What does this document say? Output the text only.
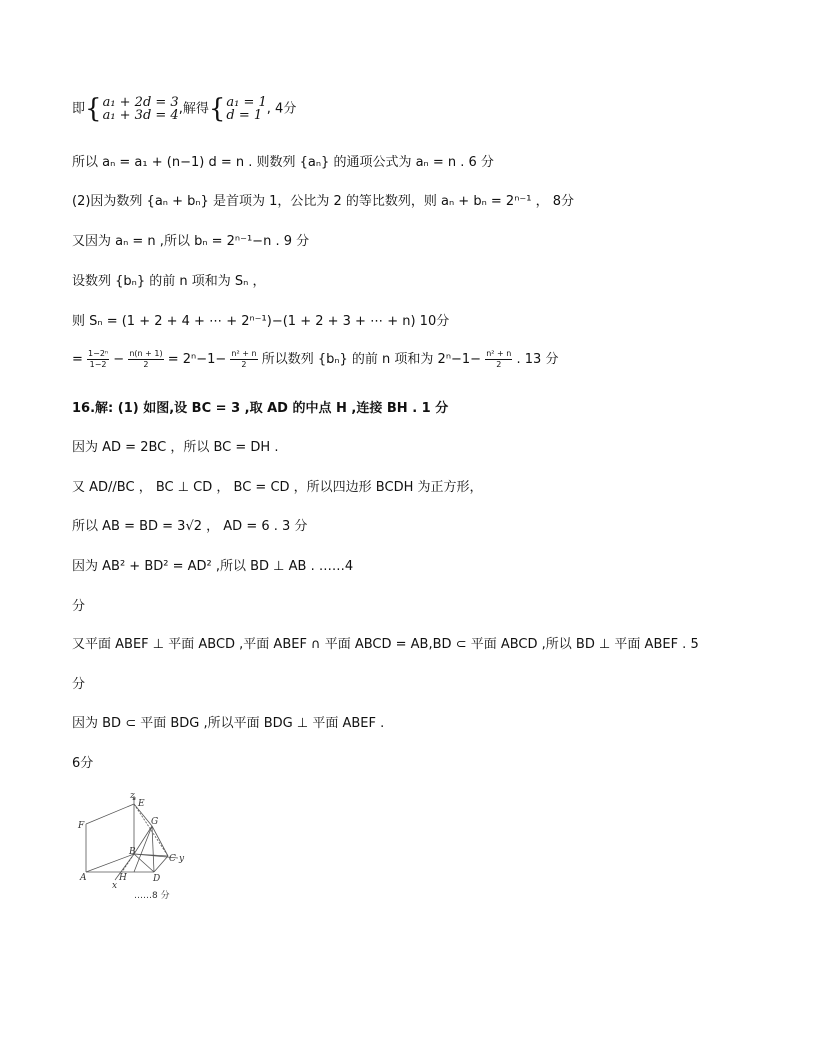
即{ a₁ + 2d = 3
a₁ + 3d = 4 ,解得{ a₁ = 1
d = 1 , 4分
所以 aₙ = a₁ + (n−1) d = n . 则数列 {aₙ} 的通项公式为 aₙ = n . 6 分
(2)因为数列 {aₙ + bₙ} 是首项为 1，公比为 2 的等比数列，则 aₙ + bₙ = 2ⁿ⁻¹ ， 8分
又因为 aₙ = n ,所以 bₙ = 2ⁿ⁻¹−n . 9 分
设数列 {bₙ} 的前 n 项和为 Sₙ ，
则 Sₙ = (1 + 2 + 4 + ⋯ + 2ⁿ⁻¹)−(1 + 2 + 3 + ⋯ + n) 10分
= $\frac{\text{1−2ⁿ}}{1-2} - \frac{n(n + 1)}{2} = 2^n-1- \frac{\text{n² + n}}{2}$ 所以数列 {bₙ} 的前 n 项和为 $2^n-1- \frac{\text{n² + n}}{2}$ . 13 分
16.解: (1) 如图,设 BC = 3 ,取 AD 的中点 H ,连接 BH . 1 分
因为 AD = 2BC ，所以 BC = DH .
又 AD//BC ， BC ⊥ CD ， BC = CD ，所以四边形 BCDH 为正方形，
所以 AB = BD = 3√2 ， AD = 6 . 3 分
因为 AB² + BD² = AD² ,所以 BD ⊥ AB . ……4
分
又平面 ABEF ⊥ 平面 ABCD ,平面 ABEF ∩ 平面 ABCD = AB,BD ⊂ 平面 ABCD ,所以 BD ⊥ 平面 ABEF . 5
分
因为 BD ⊂ 平面 BDG ,所以平面 BDG ⊥ 平面 ABEF .
6分
z
E
F	G
B
C y
A	H
x
D
……8 分
